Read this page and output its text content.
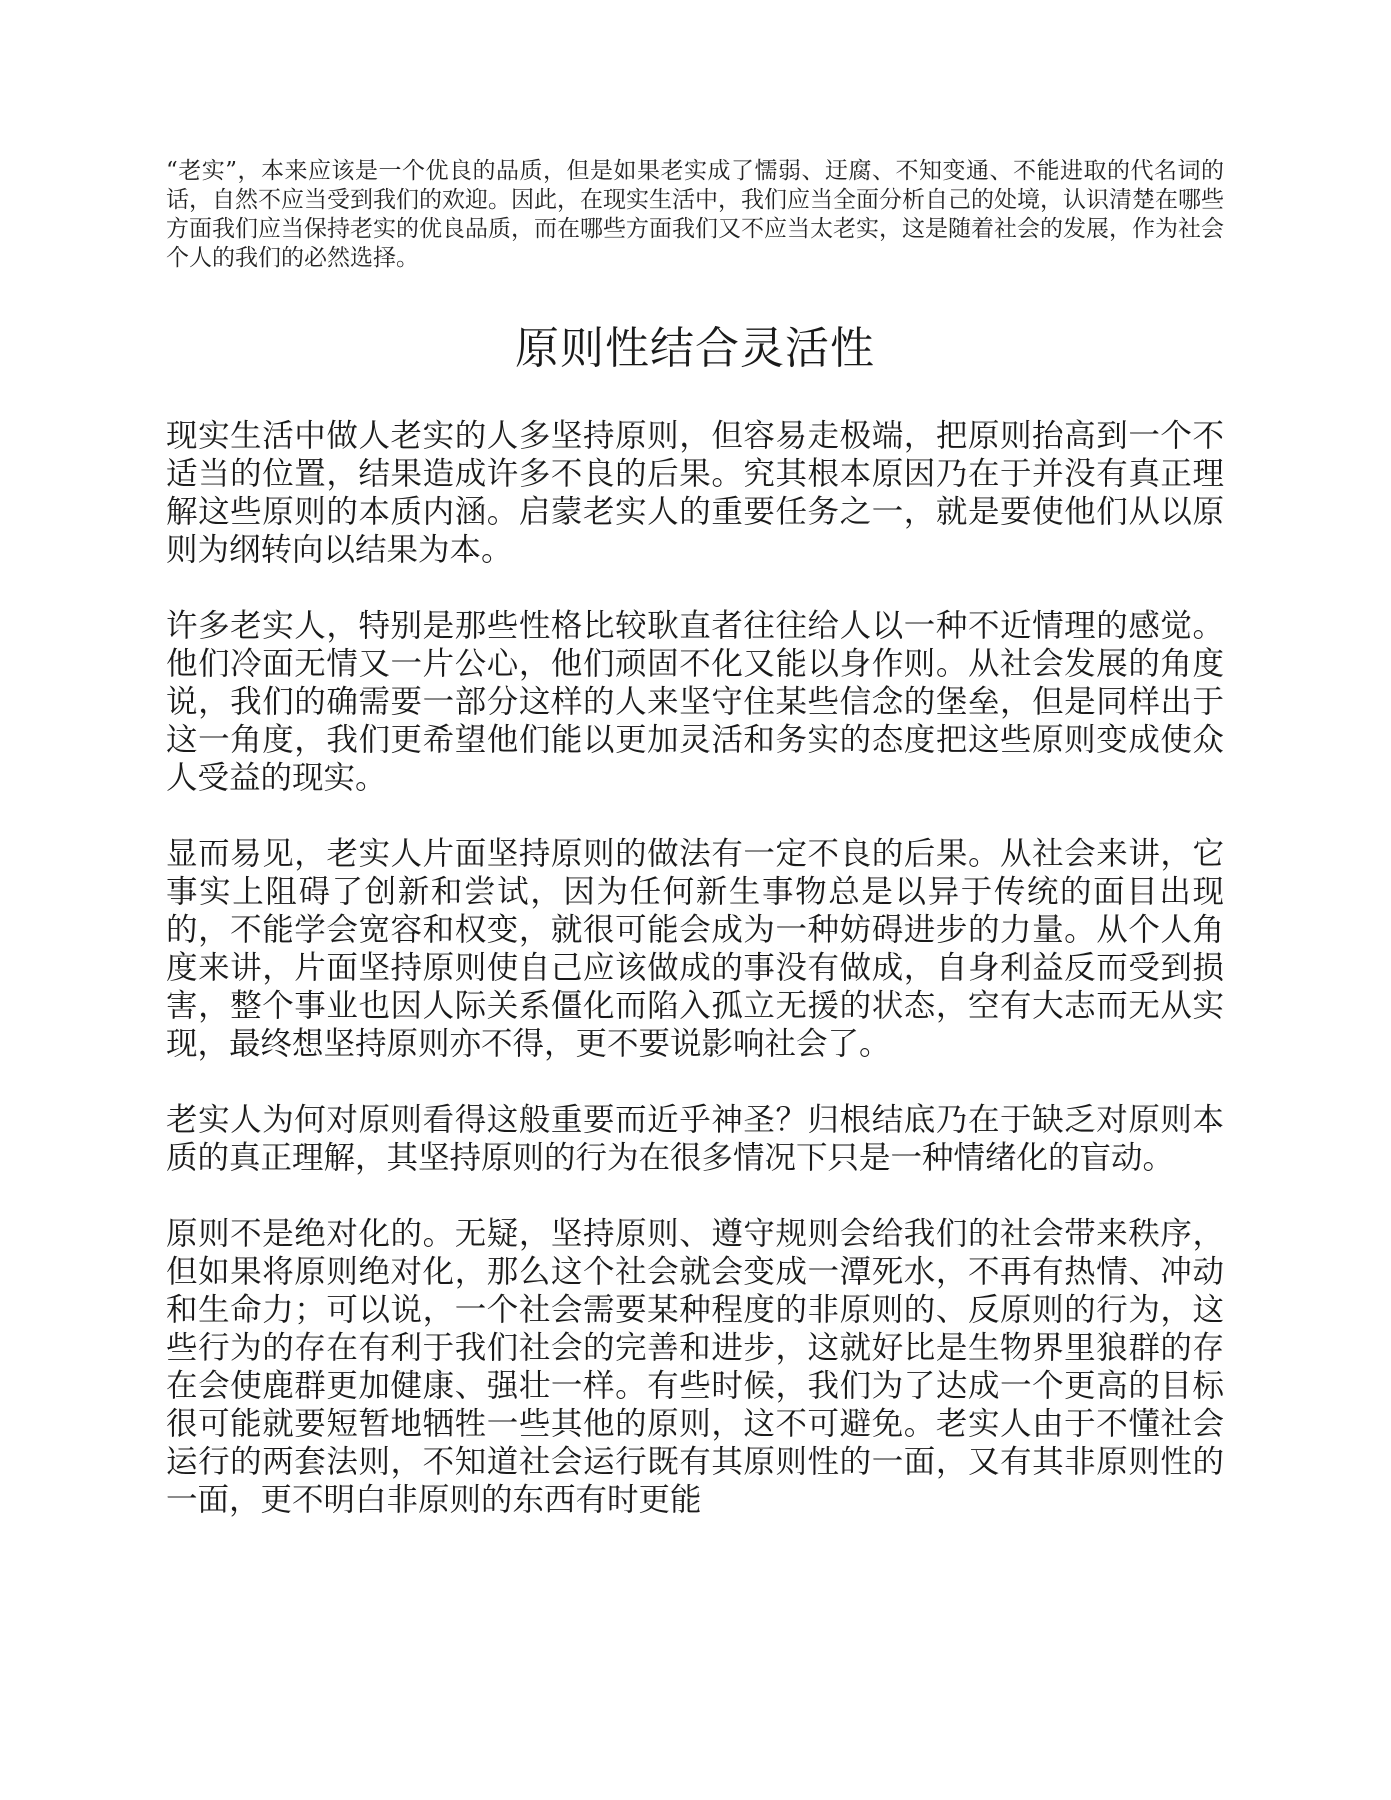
“老实”，本来应该是一个优良的品质，但是如果老实成了懦弱、迂腐、不知变通、不能进取的代名词的话，自然不应当受到我们的欢迎。因此，在现实生活中，我们应当全面分析自己的处境，认识清楚在哪些方面我们应当保持老实的优良品质，而在哪些方面我们又不应当太老实，这是随着社会的发展，作为社会个人的我们的必然选择。

原则性结合灵活性

现实生活中做人老实的人多坚持原则，但容易走极端，把原则抬高到一个不适当的位置，结果造成许多不良的后果。究其根本原因乃在于并没有真正理解这些原则的本质内涵。启蒙老实人的重要任务之一，就是要使他们从以原则为纲转向以结果为本。

许多老实人，特别是那些性格比较耿直者往往给人以一种不近情理的感觉。他们冷面无情又一片公心，他们顽固不化又能以身作则。从社会发展的角度说，我们的确需要一部分这样的人来坚守住某些信念的堡垒，但是同样出于这一角度，我们更希望他们能以更加灵活和务实的态度把这些原则变成使众人受益的现实。

显而易见，老实人片面坚持原则的做法有一定不良的后果。从社会来讲，它事实上阻碍了创新和尝试，因为任何新生事物总是以异于传统的面目出现的，不能学会宽容和权变，就很可能会成为一种妨碍进步的力量。从个人角度来讲，片面坚持原则使自己应该做成的事没有做成，自身利益反而受到损害，整个事业也因人际关系僵化而陷入孤立无援的状态，空有大志而无从实现，最终想坚持原则亦不得，更不要说影响社会了。

老实人为何对原则看得这般重要而近乎神圣？归根结底乃在于缺乏对原则本质的真正理解，其坚持原则的行为在很多情况下只是一种情绪化的盲动。

原则不是绝对化的。无疑，坚持原则、遵守规则会给我们的社会带来秩序，但如果将原则绝对化，那么这个社会就会变成一潭死水，不再有热情、冲动和生命力；可以说，一个社会需要某种程度的非原则的、反原则的行为，这些行为的存在有利于我们社会的完善和进步，这就好比是生物界里狼群的存在会使鹿群更加健康、强壮一样。有些时候，我们为了达成一个更高的目标很可能就要短暂地牺牲一些其他的原则，这不可避免。老实人由于不懂社会运行的两套法则，不知道社会运行既有其原则性的一面，又有其非原则性的一面，更不明白非原则的东西有时更能
